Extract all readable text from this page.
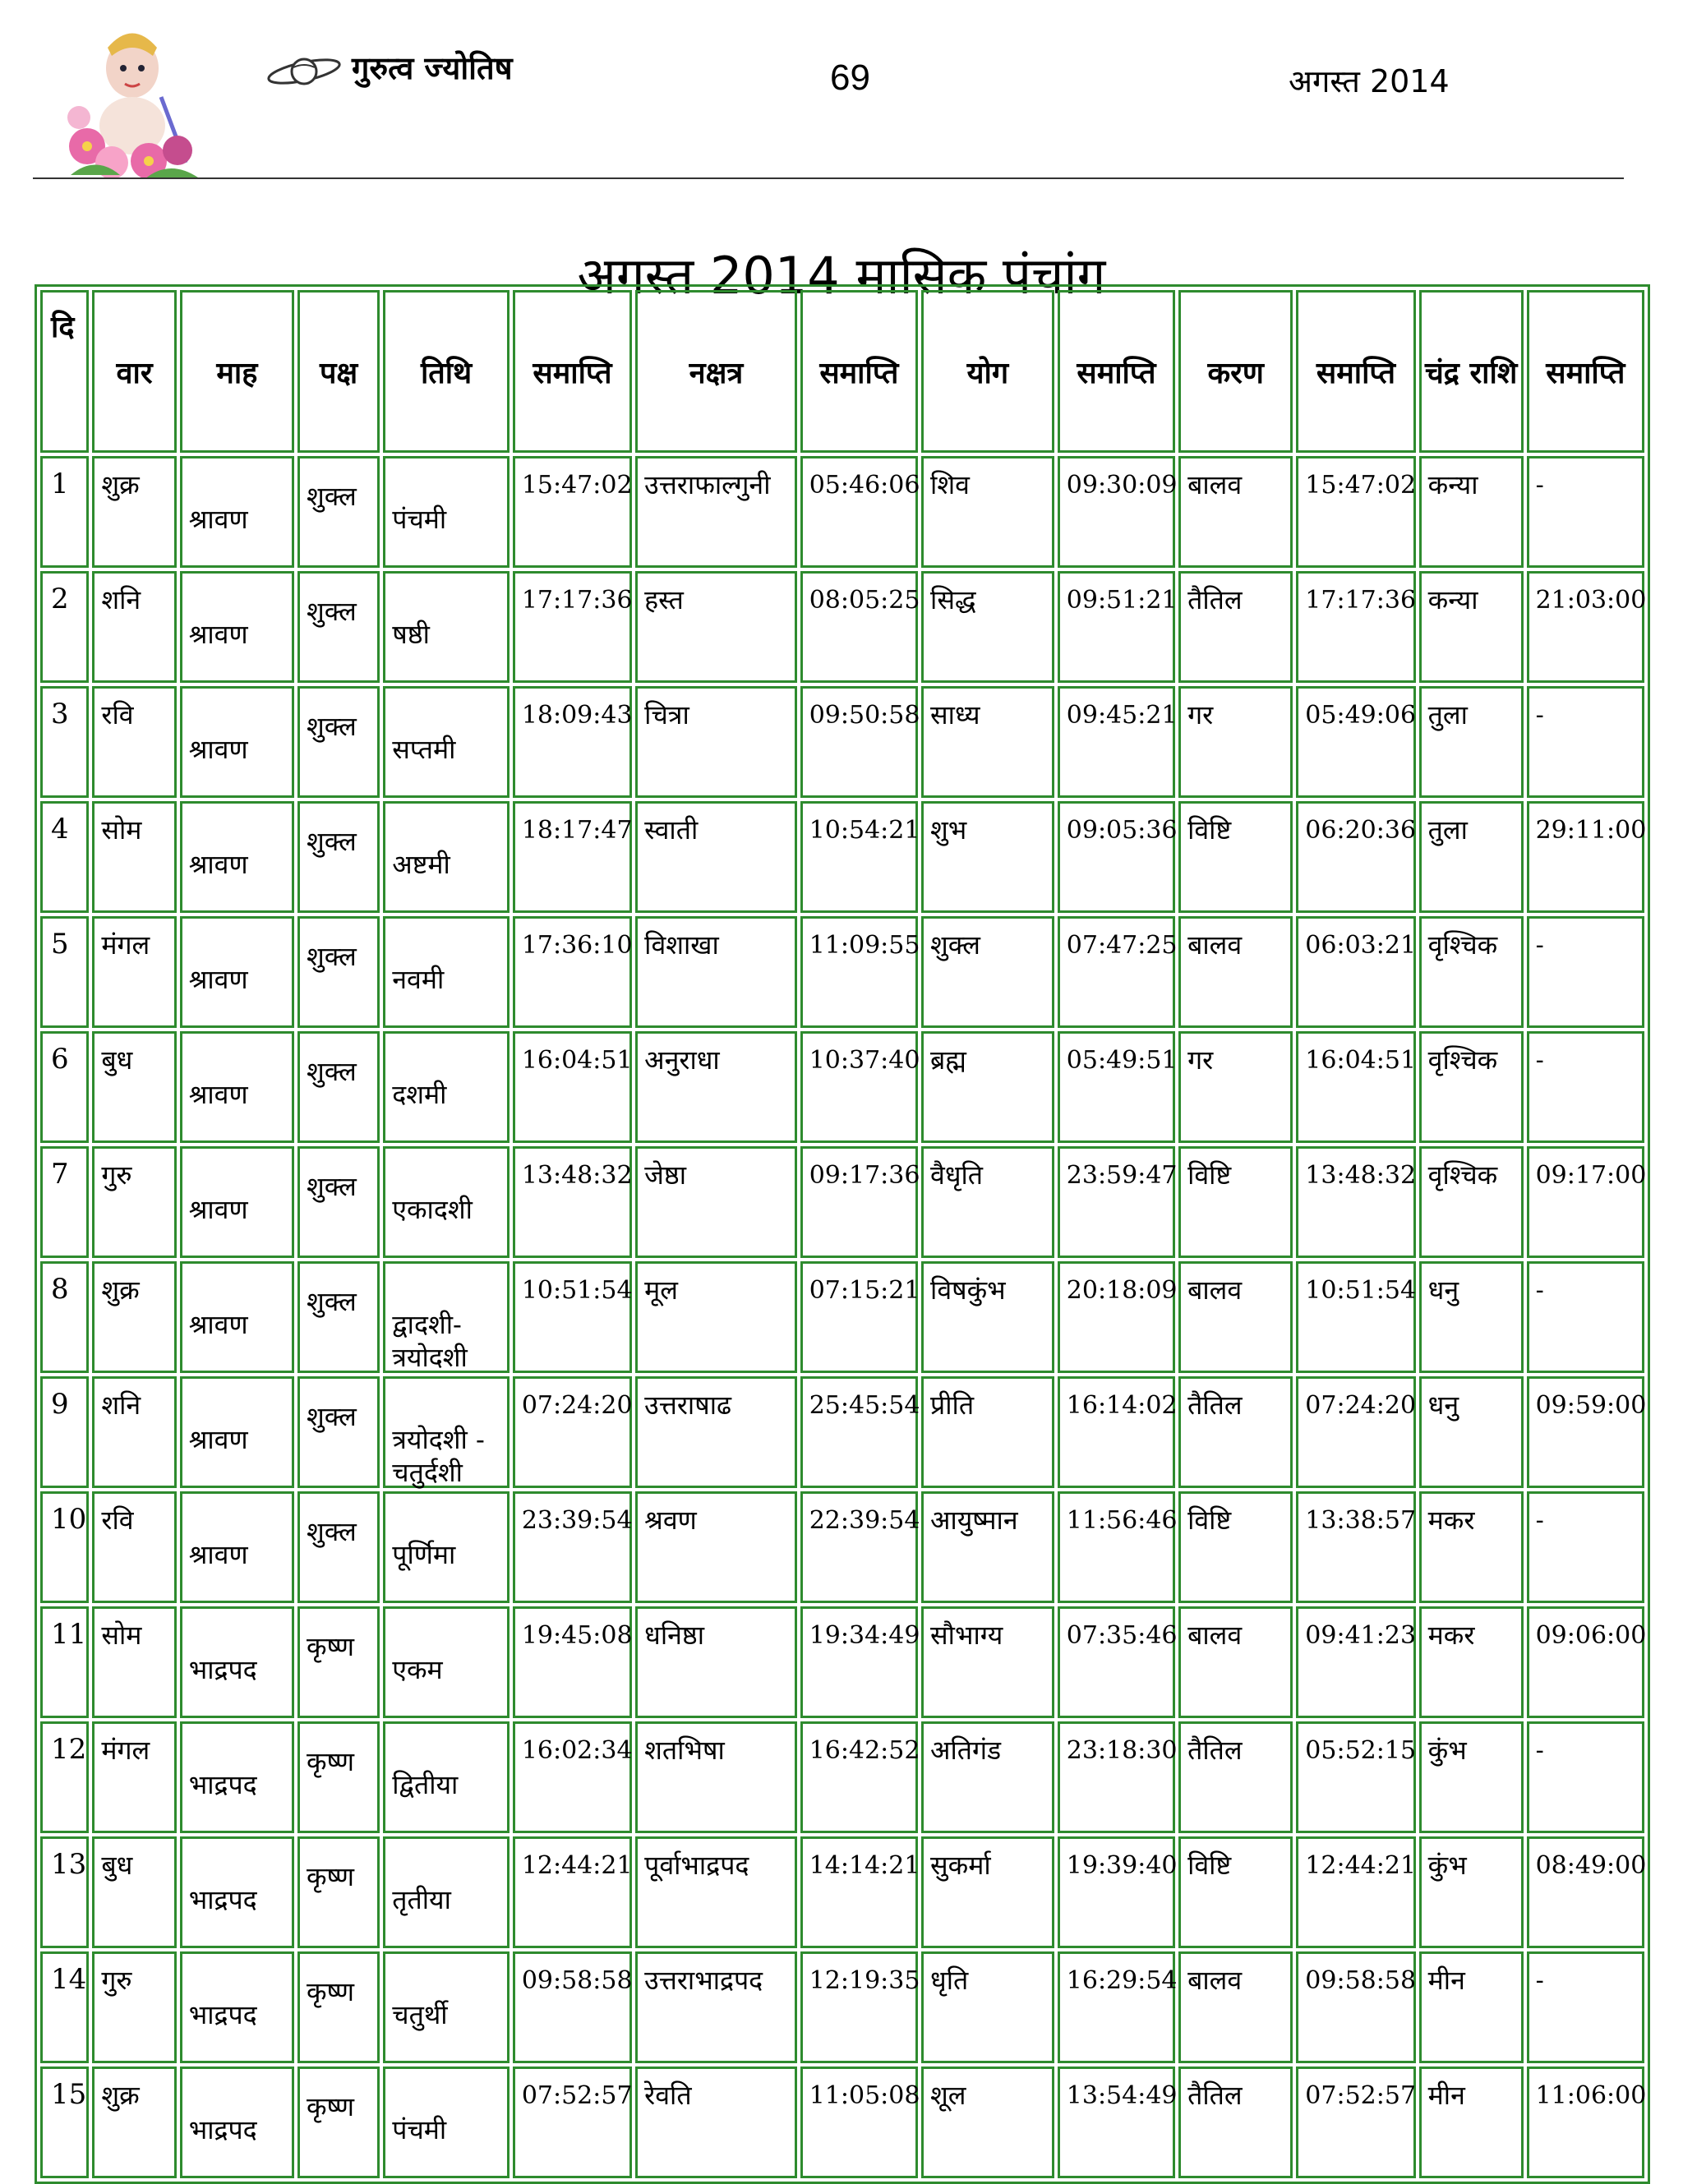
गुरुत्व ज्योतिष	69	अगस्त 2014
अगस्त 2014 मासिक पंचांग
दि	वार	माह	पक्ष	तिथि	समाप्ति	नक्षत्र	समाप्ति	योग	समाप्ति	करण	समाप्ति	चंद्र राशि	समाप्ति

1	शुक्र	श्रावण	शुक्ल	पंचमी	15:47:02	उत्तराफाल्गुनी	05:46:06	शिव	09:30:09	बालव	15:47:02	कन्या	-

2	शनि	श्रावण	शुक्ल	षष्ठी	17:17:36	हस्त	08:05:25	सिद्ध	09:51:21	तैतिल	17:17:36	कन्या	21:03:00

3	रवि	श्रावण	शुक्ल	सप्तमी	18:09:43	चित्रा	09:50:58	साध्य	09:45:21	गर	05:49:06	तुला	-

4	सोम	श्रावण	शुक्ल	अष्टमी	18:17:47	स्वाती	10:54:21	शुभ	09:05:36	विष्टि	06:20:36	तुला	29:11:00

5	मंगल	श्रावण	शुक्ल	नवमी	17:36:10	विशाखा	11:09:55	शुक्ल	07:47:25	बालव	06:03:21	वृश्चिक	-

6	बुध	श्रावण	शुक्ल	दशमी	16:04:51	अनुराधा	10:37:40	ब्रह्म	05:49:51	गर	16:04:51	वृश्चिक	-

7	गुरु	श्रावण	शुक्ल	एकादशी	13:48:32	जेष्ठा	09:17:36	वैधृति	23:59:47	विष्टि	13:48:32	वृश्चिक	09:17:00

8	शुक्र	श्रावण	शुक्ल	द्वादशी-त्रयोदशी	10:51:54	मूल	07:15:21	विषकुंभ	20:18:09	बालव	10:51:54	धनु	-

9	शनि	श्रावण	शुक्ल	त्रयोदशी - चतुर्दशी	07:24:20	उत्तराषाढ	25:45:54	प्रीति	16:14:02	तैतिल	07:24:20	धनु	09:59:00

10	रवि	श्रावण	शुक्ल	पूर्णिमा	23:39:54	श्रवण	22:39:54	आयुष्मान	11:56:46	विष्टि	13:38:57	मकर	-

11	सोम	भाद्रपद	कृष्ण	एकम	19:45:08	धनिष्ठा	19:34:49	सौभाग्य	07:35:46	बालव	09:41:23	मकर	09:06:00

12	मंगल	भाद्रपद	कृष्ण	द्वितीया	16:02:34	शतभिषा	16:42:52	अतिगंड	23:18:30	तैतिल	05:52:15	कुंभ	-

13	बुध	भाद्रपद	कृष्ण	तृतीया	12:44:21	पूर्वाभाद्रपद	14:14:21	सुकर्मा	19:39:40	विष्टि	12:44:21	कुंभ	08:49:00

14	गुरु	भाद्रपद	कृष्ण	चतुर्थी	09:58:58	उत्तराभाद्रपद	12:19:35	धृति	16:29:54	बालव	09:58:58	मीन	-

15	शुक्र	भाद्रपद	कृष्ण	पंचमी	07:52:57	रेवति	11:05:08	शूल	13:54:49	तैतिल	07:52:57	मीन	11:06:00
